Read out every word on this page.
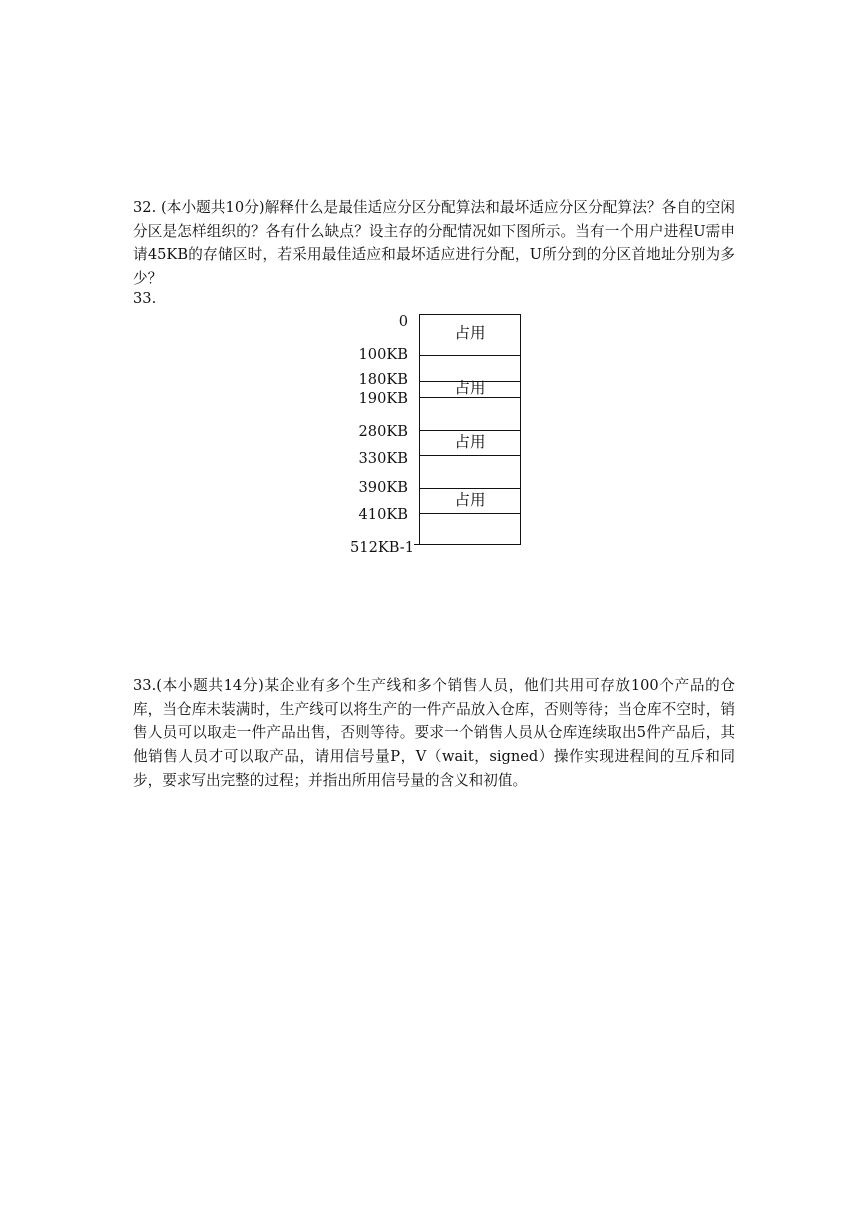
32. (本小题共10分)解释什么是最佳适应分区分配算法和最坏适应分区分配算法？各自的空闲分区是怎样组织的？各有什么缺点？设主存的分配情况如下图所示。当有一个用户进程U需申请45KB的存储区时，若采用最佳适应和最坏适应进行分配，U所分到的分区首地址分别为多少？
33.
0
100KB
180KB
190KB
280KB
330KB
390KB
410KB
512KB-1
占用
占用
占用
占用
33.(本小题共14分)某企业有多个生产线和多个销售人员，他们共用可存放100个产品的仓库，当仓库未装满时，生产线可以将生产的一件产品放入仓库，否则等待；当仓库不空时，销售人员可以取走一件产品出售，否则等待。要求一个销售人员从仓库连续取出5件产品后，其他销售人员才可以取产品，请用信号量P，V（wait，signed）操作实现进程间的互斥和同步，要求写出完整的过程；并指出所用信号量的含义和初值。
